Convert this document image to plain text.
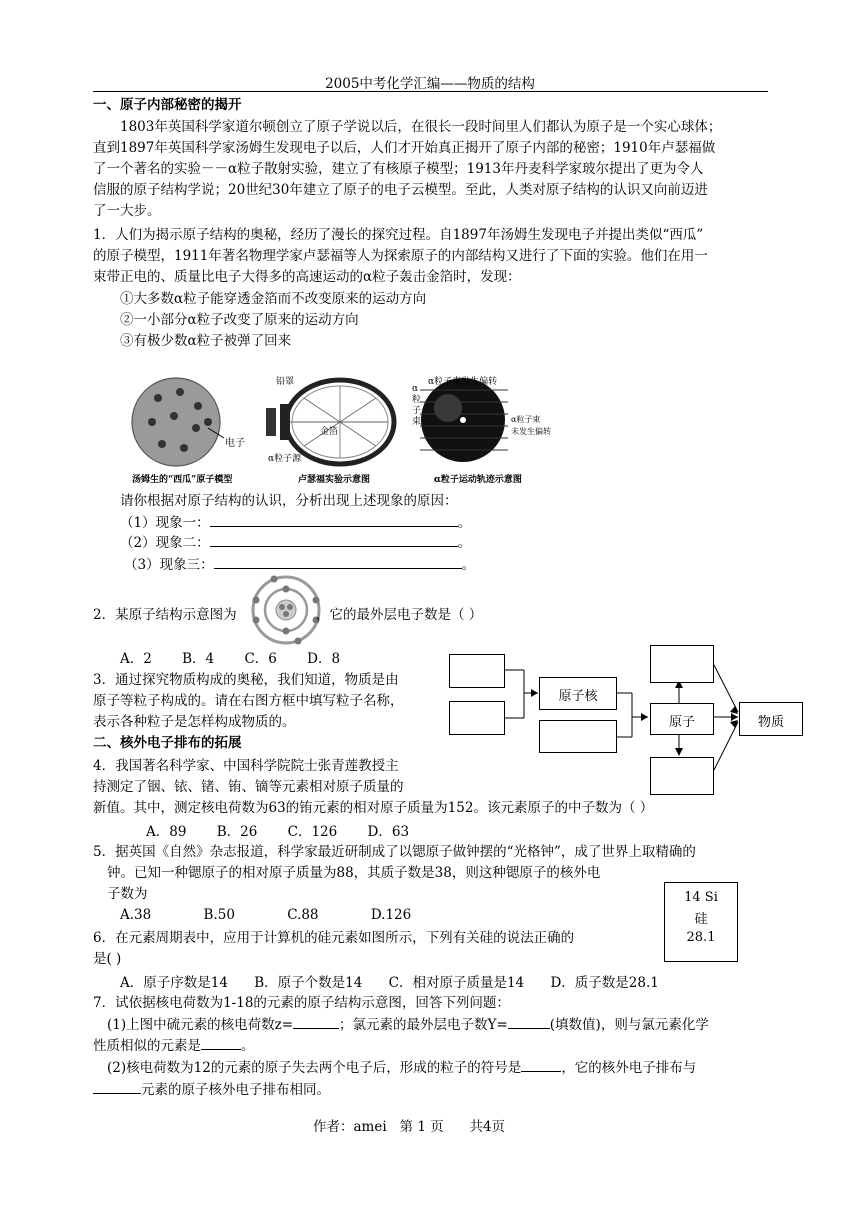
2005中考化学汇编——物质的结构
一、原子内部秘密的揭开
1803年英国科学家道尔顿创立了原子学说以后，在很长一段时间里人们都认为原子是一个实心球体；
直到1897年英国科学家汤姆生发现电子以后，人们才开始真正揭开了原子内部的秘密；1910年卢瑟福做
了一个著名的实验－－α粒子散射实验，建立了有核原子模型；1913年丹麦科学家玻尔提出了更为令人
信服的原子结构学说；20世纪30年建立了原子的电子云模型。至此，人类对原子结构的认识又向前迈进
了一大步。
1．人们为揭示原子结构的奥秘，经历了漫长的探究过程。自1897年汤姆生发现电子并提出类似“西瓜”
的原子模型，1911年著名物理学家卢瑟福等人为探索原子的内部结构又进行了下面的实验。他们在用一
束带正电的、质量比电子大得多的高速运动的α粒子轰击金箔时，发现：
①大多数α粒子能穿透金箔而不改变原来的运动方向
②一小部分α粒子改变了原来的运动方向
③有极少数α粒子被弹了回来
汤姆生的“西瓜”原子模型
电子
铅罩
金箔
α粒子源
卢瑟福实验示意图
α粒子束发生偏转
α
粒
子
束	α粒子束
未发生偏转
α粒子运动轨迹示意图
请你根据对原子结构的认识，分析出现上述现象的原因：
（1）现象一：	。
（2）现象二：	。
（3）现象三：	。
2．某原子结构示意图为	，它的最外层电子数是（ ）
A．2 B．4 C．6 D．8
3．通过探究物质构成的奥秘，我们知道，物质是由
原子等粒子构成的。请在右图方框中填写粒子名称，
表示各种粒子是怎样构成物质的。
原子核
原子	物质
二、核外电子排布的拓展
4．我国著名科学家、中国科学院院士张青莲教授主
持测定了铟、铱、锗、铕、镝等元素相对原子质量的
新值。其中，测定核电荷数为63的铕元素的相对原子质量为152。该元素原子的中子数为（ ）
A．89 B．26 C．126 D．63
5．据英国《自然》杂志报道，科学家最近研制成了以锶原子做钟摆的“光格钟”，成了世界上取精确的
钟。已知一种锶原子的相对原子质量为88，其质子数是38，则这种锶原子的核外电
子数为
A.38	B.50	C.88	D.126
14 Si
硅
28.1
6．在元素周期表中，应用于计算机的硅元素如图所示，下列有关硅的说法正确的
是( )
A．原子序数是14 B．原子个数是14 C．相对原子质量是14 D．质子数是28.1
7．试依据核电荷数为1-18的元素的原子结构示意图，回答下列问题：
(1)上图中硫元素的核电荷数z=	；氯元素的最外层电子数Y=	(填数值)，则与氯元素化学
性质相似的元素是	。
(2)核电荷数为12的元素的原子失去两个电子后，形成的粒子的符号是	，它的核外电子排布与
元素的原子核外电子排布相同。
作者：amei 第 1 页 共4页
